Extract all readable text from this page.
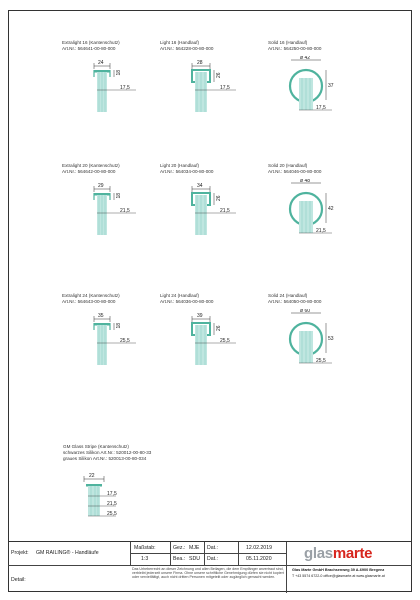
Extralight 16 (Kantenschutz)
Art.Nr.: 564641-00-80-000
24
18
17,5
Light 16 (Handlauf)
Art.Nr.: 564228-00-80-000
28
26
17,5
Solid 16 (Handlauf)
Art.Nr.: 564250-00-80-000
ø 42
37
17,5
Extralight 20 (Kantenschutz)
Art.Nr.: 564642-00-80-000
29
18
21,5
Light 20 (Handlauf)
Art.Nr.: 564034-00-80-000
34
26
21,5
Solid 20 (Handlauf)
Art.Nr.: 564046-00-80-000
ø 48
42
21,5
Extralight 24 (Kantenschutz)
Art.Nr.: 564643-00-80-000
35
18
25,5
Light 24 (Handlauf)
Art.Nr.: 564036-00-80-000
39
26
25,5
Solid 24 (Handlauf)
Art.Nr.: 564050-00-80-000
ø 60
53
25,5
GM Glass Stripe (Kantenschutz)
schwarzes Silikon Art.Nr.: 520012-00-80-33
graues Silikon Art.Nr.: 520013-00-80-034
22
17,5
21,5
25,5
Projekt: GM RAILING® - Handläufe
Detail:
Maßstab:
1:3
Gez.: MJE
Bea.: SDU
Dat.:
Dat.:
12.02.2019
05.11.2020
Das Urheberrecht an dieser Zeichnung und allen Beilagen, die dem Empfänger anvertraut sind, verbleibt jederzeit unsere Firma. Ohne unsere schriftliche Genehmigung dürfen sie nicht kopiert oder vervielfältigt, auch nicht dritten Personen mitgeteilt oder zugänglich gemacht werden.
glasmarte
Glas Marte GmbH Brachsenweg 39 A-6900 Bregenz
T +43 5574 6722-0 office@glasmarte.at www.glasmarte.at
